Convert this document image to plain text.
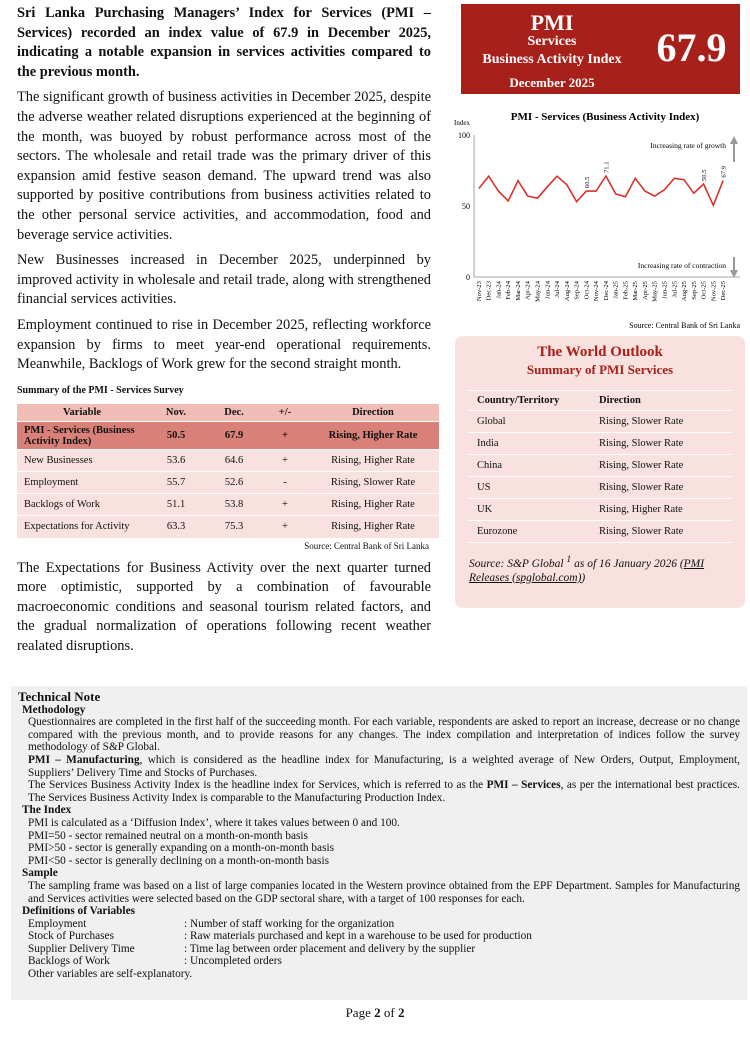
Sri Lanka Purchasing Managers’ Index for Services (PMI – Services) recorded an index value of 67.9 in December 2025, indicating a notable expansion in services activities compared to the previous month.

The significant growth of business activities in December 2025, despite the adverse weather related disruptions experienced at the beginning of the month, was buoyed by robust performance across most of the sectors. The wholesale and retail trade was the primary driver of this expansion amid festive season demand. The upward trend was also supported by positive contributions from business activities related to the other personal service activities, and accommodation, food and beverage service activities.

New Businesses increased in December 2025, underpinned by improved activity in wholesale and retail trade, along with strengthened financial services activities.

Employment continued to rise in December 2025, reflecting workforce expansion by firms to meet year-end operational requirements. Meanwhile, Backlogs of Work grew for the second straight month.

Summary of the PMI - Services Survey
Variable	Nov.	Dec.	+/-	Direction
PMI - Services (Business Activity Index)	50.5	67.9	+	Rising, Higher Rate
New Businesses	53.6	64.6	+	Rising, Higher Rate
Employment	55.7	52.6	-	Rising, Slower Rate
Backlogs of Work	51.1	53.8	+	Rising, Higher Rate
Expectations for Activity	63.3	75.3	+	Rising, Higher Rate
Source: Central Bank of Sri Lanka

The Expectations for Business Activity over the next quarter turned more optimistic, supported by a combination of favourable macroeconomic conditions and seasonal tourism related factors, and the gradual normalization of operations following recent weather realated disruptions.

PMI
Services
Business Activity Index
December 2025
67.9
PMI - Services (Business Activity Index)
Index
Increasing rate of growth
Increasing rate of contraction
0
50
100
Nov-23 Dec-23 Jan-24 Feb-24 Mar-24 Apr-24 May-24 Jun-24 Jul-24 Aug-24 Sep-24 Oct-24 Nov-24 Dec-24 Jan-25 Feb-25 Mar-25 Apr-25 May-25 Jun-25 Jul-25 Aug-25 Sep-25 Oct-25 Nov-25 Dec-25
60.5
71.1
50.5 67.9
Source: Central Bank of Sri Lanka
The World Outlook
Summary of PMI Services
Country/Territory	Direction
Global	Rising, Slower Rate
India	Rising, Slower Rate
China	Rising, Slower Rate
US	Rising, Slower Rate
UK	Rising, Higher Rate
Eurozone	Rising, Slower Rate
Source: S&P Global $^1$ as of 16 January 2026 (PMI Releases (spglobal.com))
Technical Note
Methodology
Questionnaires are completed in the first half of the succeeding month. For each variable, respondents are asked to report an increase, decrease or no change compared with the previous month, and to provide reasons for any changes. The index compilation and interpretation of indices follow the survey methodology of S&P Global.
PMI – Manufacturing, which is considered as the headline index for Manufacturing, is a weighted average of New Orders, Output, Employment, Suppliers’ Delivery Time and Stocks of Purchases.
The Services Business Activity Index is the headline index for Services, which is referred to as the PMI – Services, as per the international best practices. The Services Business Activity Index is comparable to the Manufacturing Production Index.
The Index
PMI is calculated as a ‘Diffusion Index’, where it takes values between 0 and 100.
PMI=50 - sector remained neutral on a month-on-month basis
PMI>50 - sector is generally expanding on a month-on-month basis
PMI<50 - sector is generally declining on a month-on-month basis
Sample
The sampling frame was based on a list of large companies located in the Western province obtained from the EPF Department. Samples for Manufacturing and Services activities were selected based on the GDP sectoral share, with a target of 100 responses for each.
Definitions of Variables
Employment	: Number of staff working for the organization
Stock of Purchases	: Raw materials purchased and kept in a warehouse to be used for production
Supplier Delivery Time	: Time lag between order placement and delivery by the supplier
Backlogs of Work	: Uncompleted orders
Other variables are self-explanatory.
Page 2 of 2
